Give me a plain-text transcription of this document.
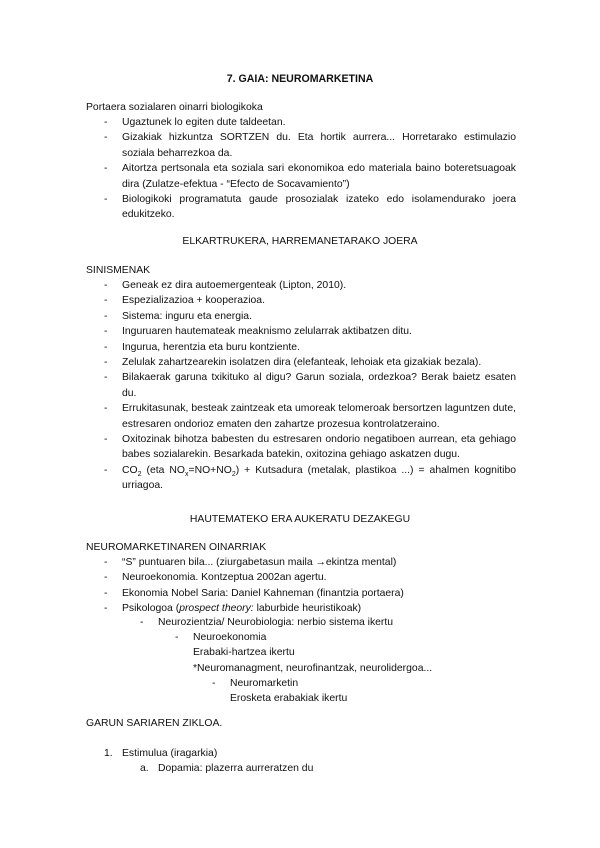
7. GAIA: NEUROMARKETINA
Portaera sozialaren oinarri biologikoka
-	Ugaztunek lo egiten dute taldeetan.
-	Gizakiak hizkuntza SORTZEN du. Eta hortik aurrera... Horretarako estimulazio soziala beharrezkoa da.
-	Aitortza pertsonala eta soziala sari ekonomikoa edo materiala baino boteretsuagoak dira (Zulatze-efektua - “Efecto de Socavamiento”)
-	Biologikoki programatuta gaude prosozialak izateko edo isolamendurako joera edukitzeko.
ELKARTRUKERA, HARREMANETARAKO JOERA
SINISMENAK
-	Geneak ez dira autoemergenteak (Lipton, 2010).
-	Espezializazioa + kooperazioa.
-	Sistema: inguru eta energia.
-	Inguruaren hautemateak meaknismo zelularrak aktibatzen ditu.
-	Ingurua, herentzia eta buru kontziente.
-	Zelulak zahartzearekin isolatzen dira (elefanteak, lehoiak eta gizakiak bezala).
-	Bilakaerak garuna txikituko al digu? Garun soziala, ordezkoa? Berak baietz esaten du.
-	Errukitasunak, besteak zaintzeak eta umoreak telomeroak bersortzen laguntzen dute, estresaren ondorioz ematen den zahartze prozesua kontrolatzeraino.
-	Oxitozinak bihotza babesten du estresaren ondorio negatiboen aurrean, eta gehiago babes sozialarekin. Besarkada batekin, oxitozina gehiago askatzen dugu.
-	$CO_2$ (eta $NO_x=NO+NO_2$) + Kutsadura (metalak, plastikoa ...) = ahalmen kognitibo urriagoa.
HAUTEMATEKO ERA AUKERATU DEZAKEGU
NEUROMARKETINAREN OINARRIAK
-	“S” puntuaren bila... (ziurgabetasun maila →ekintza mental)
-	Neuroekonomia. Kontzeptua 2002an agertu.
-	Ekonomia Nobel Saria: Daniel Kahneman (finantzia portaera)
-	Psikologoa (prospect theory: laburbide heuristikoak)
-	Neurozientzia/ Neurobiologia: nerbio sistema ikertu
-	Neuroekonomia
Erabaki-hartzea ikertu
*Neuromanagment, neurofinantzak, neurolidergoa...
-	Neuromarketin
Erosketa erabakiak ikertu
GARUN SARIAREN ZIKLOA.
1. Estimulua (iragarkia)
a. Dopamia: plazerra aurreratzen du
